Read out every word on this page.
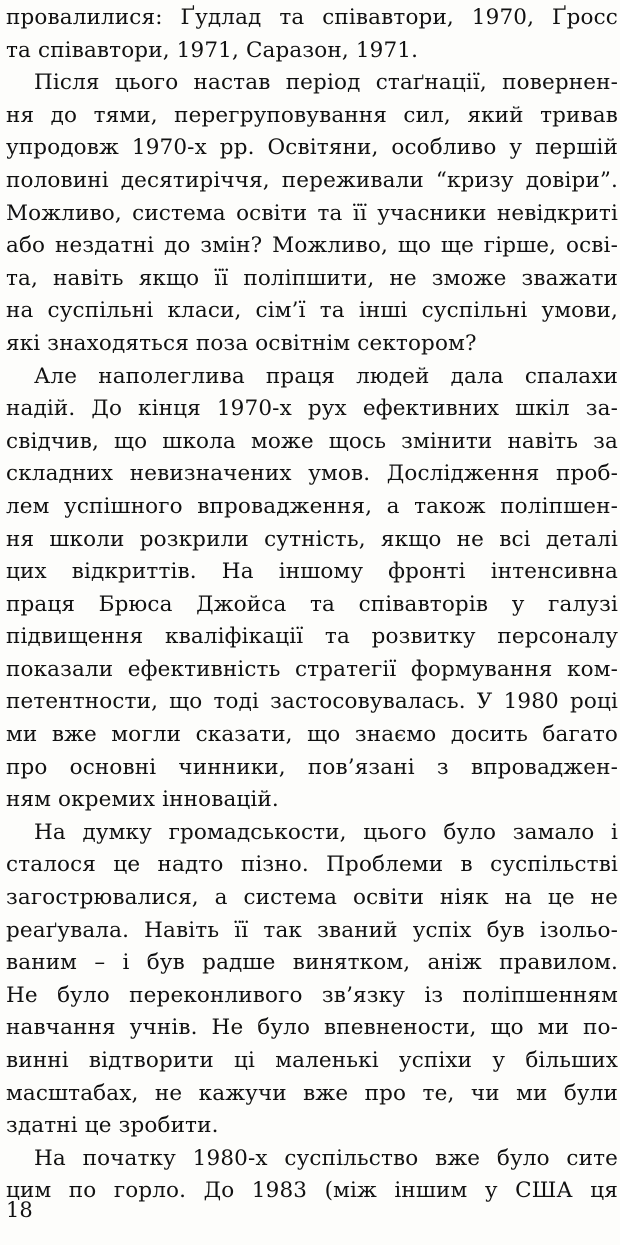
провалилися: Ґудлад та співавтори, 1970, Ґросс
та співавтори, 1971, Саразон, 1971.
Після цього настав період стаґнації, повернен-
ня до тями, перегруповування сил, який тривав
упродовж 1970-х рр. Освітяни, особливо у першій
половині десятиріччя, переживали “кризу довіри”.
Можливо, система освіти та її учасники невідкриті
або нездатні до змін? Можливо, що ще гірше, осві-
та, навіть якщо її поліпшити, не зможе зважати
на суспільні класи, сім’ї та інші суспільні умови,
які знаходяться поза освітнім сектором?
Але наполеглива праця людей дала спалахи
надій. До кінця 1970-х рух ефективних шкіл за-
свідчив, що школа може щось змінити навіть за
складних невизначених умов. Дослідження проб-
лем успішного впровадження, а також поліпшен-
ня школи розкрили сутність, якщо не всі деталі
цих відкриттів. На іншому фронті інтенсивна
праця Брюса Джойса та співавторів у галузі
підвищення кваліфікації та розвитку персоналу
показали ефективність стратегії формування ком-
петентности, що тоді застосовувалась. У 1980 році
ми вже могли сказати, що знаємо досить багато
про основні чинники, пов’язані з впроваджен-
ням окремих інновацій.
На думку громадськости, цього було замало і
сталося це надто пізно. Проблеми в суспільстві
загострювалися, а система освіти ніяк на це не
реаґувала. Навіть її так званий успіх був ізольо-
ваним – і був радше винятком, аніж правилом.
Не було переконливого зв’язку із поліпшенням
навчання учнів. Не було впевнености, що ми по-
винні відтворити ці маленькі успіхи у більших
масштабах, не кажучи вже про те, чи ми були
здатні це зробити.
На початку 1980-х суспільство вже було сите
цим по горло. До 1983 (між іншим у США ця
18
